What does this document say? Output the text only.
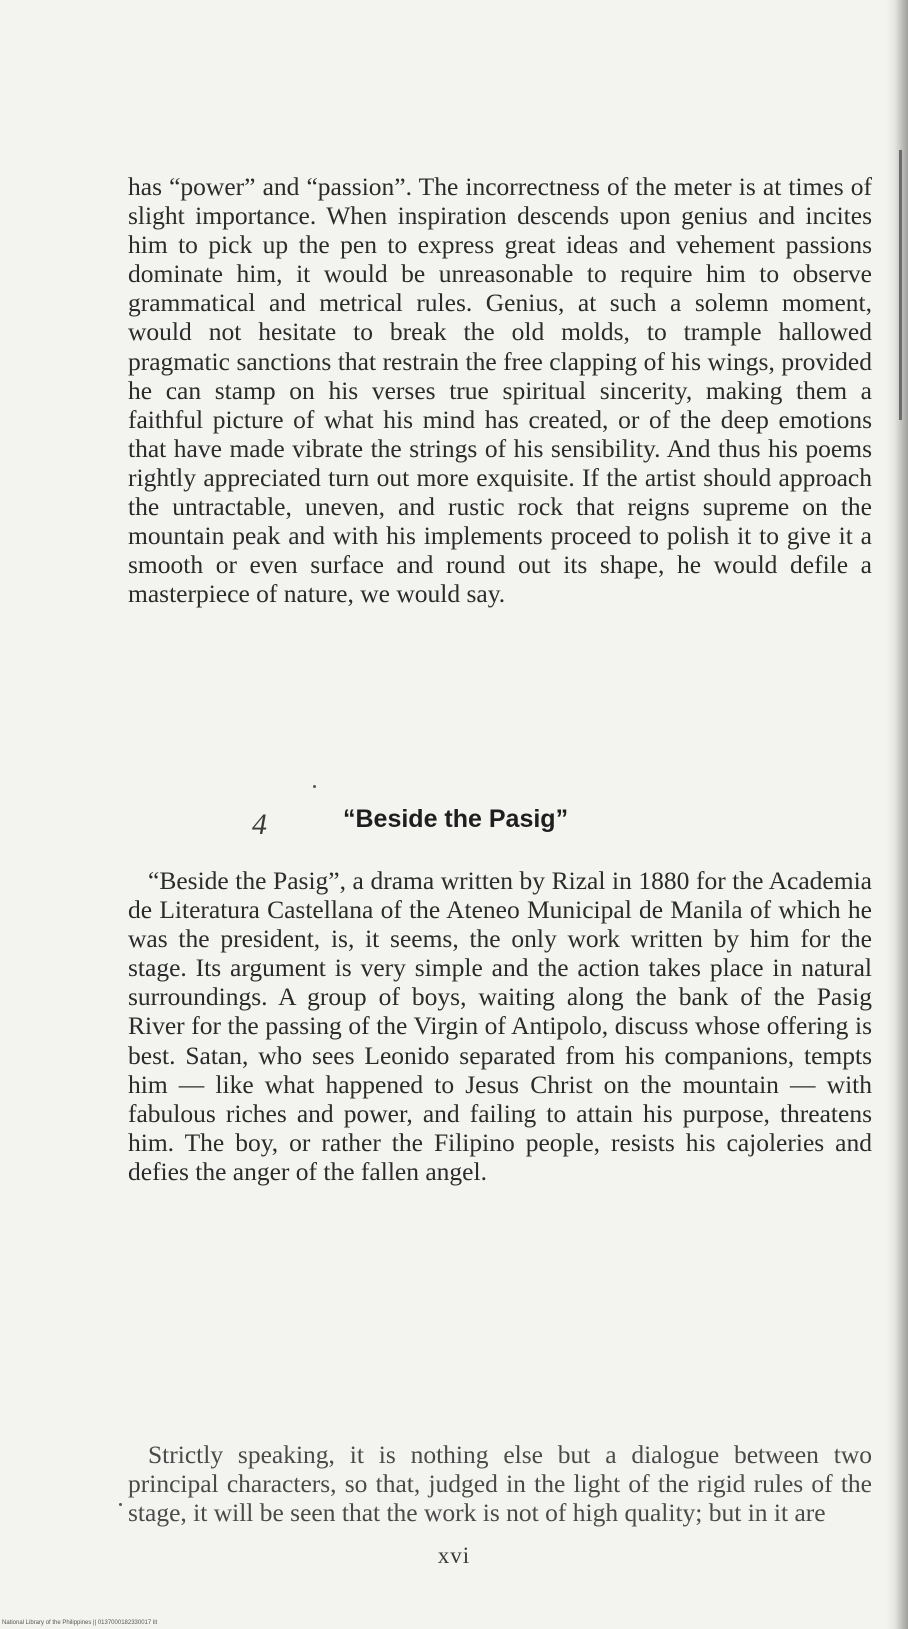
has “power” and “passion”. The incorrectness of the meter is at times of slight importance. When inspiration descends upon genius and incites him to pick up the pen to express great ideas and vehement passions dominate him, it would be unreasonable to require him to observe grammatical and metrical rules. Genius, at such a solemn moment, would not hesitate to break the old molds, to trample hallowed pragmatic sanctions that restrain the free clapping of his wings, provided he can stamp on his verses true spiritual sincerity, making them a faithful picture of what his mind has created, or of the deep emotions that have made vibrate the strings of his sensibility. And thus his poems rightly appreciated turn out more exquisite. If the artist should approach the untractable, uneven, and rustic rock that reigns supreme on the mountain peak and with his implements proceed to polish it to give it a smooth or even surface and round out its shape, he would defile a masterpiece of nature, we would say.

4	“Beside the Pasig”

“Beside the Pasig”, a drama written by Rizal in 1880 for the Academia de Literatura Castellana of the Ateneo Municipal de Manila of which he was the president, is, it seems, the only work written by him for the stage. Its argument is very simple and the action takes place in natural surroundings. A group of boys, waiting along the bank of the Pasig River for the passing of the Virgin of Antipolo, discuss whose offering is best. Satan, who sees Leonido separated from his companions, tempts him — like what happened to Jesus Christ on the mountain — with fabulous riches and power, and failing to attain his purpose, threatens him. The boy, or rather the Filipino people, resists his cajoleries and defies the anger of the fallen angel.

Strictly speaking, it is nothing else but a dialogue between two principal characters, so that, judged in the light of the rigid rules of the stage, it will be seen that the work is not of high quality; but in it are

xvi
National Library of the Philippines || 0137000182330017 lit
